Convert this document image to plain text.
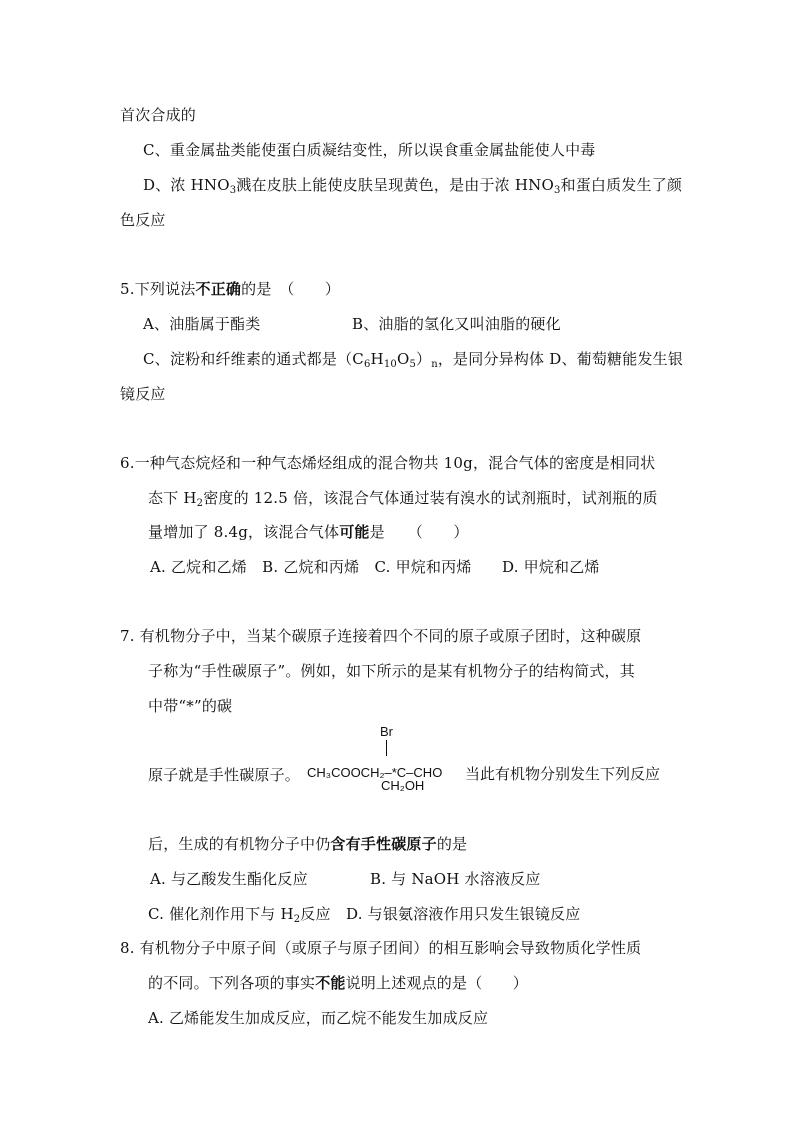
首次合成的
C、重金属盐类能使蛋白质凝结变性，所以误食重金属盐能使人中毒
D、浓 $HNO_3$溅在皮肤上能使皮肤呈现黄色，是由于浓 $HNO_3$和蛋白质发生了颜
色反应
5.下列说法不正确的是　（　　）
A、油脂属于酯类	B、油脂的氢化又叫油脂的硬化
C、淀粉和纤维素的通式都是$(C_6H_{10}O_5)_n$，是同分异构体 D、葡萄糖能发生银
镜反应
6.一种气态烷烃和一种气态烯烃组成的混合物共 10g，混合气体的密度是相同状
态下 $H_2$密度的 12.5 倍，该混合气体通过装有溴水的试剂瓶时，试剂瓶的质
量增加了 8.4g，该混合气体可能是　　（　　）
A. 乙烷和乙烯　B. 乙烷和丙烯　C. 甲烷和丙烯　　D. 甲烷和乙烯
7. 有机物分子中，当某个碳原子连接着四个不同的原子或原子团时，这种碳原
子称为“手性碳原子”。例如，如下所示的是某有机物分子的结构简式，其
中带“*”的碳
Br
CH₃COOCH₂–*C–CHO
CH₂OH
原子就是手性碳原子。	当此有机物分别发生下列反应
后，生成的有机物分子中仍含有手性碳原子的是
A. 与乙酸发生酯化反应	B. 与 NaOH 水溶液反应
C. 催化剂作用下与 $H_2$反应 D. 与银氨溶液作用只发生银镜反应
8. 有机物分子中原子间（或原子与原子团间）的相互影响会导致物质化学性质
的不同。下列各项的事实不能说明上述观点的是（　　）
A. 乙烯能发生加成反应，而乙烷不能发生加成反应
